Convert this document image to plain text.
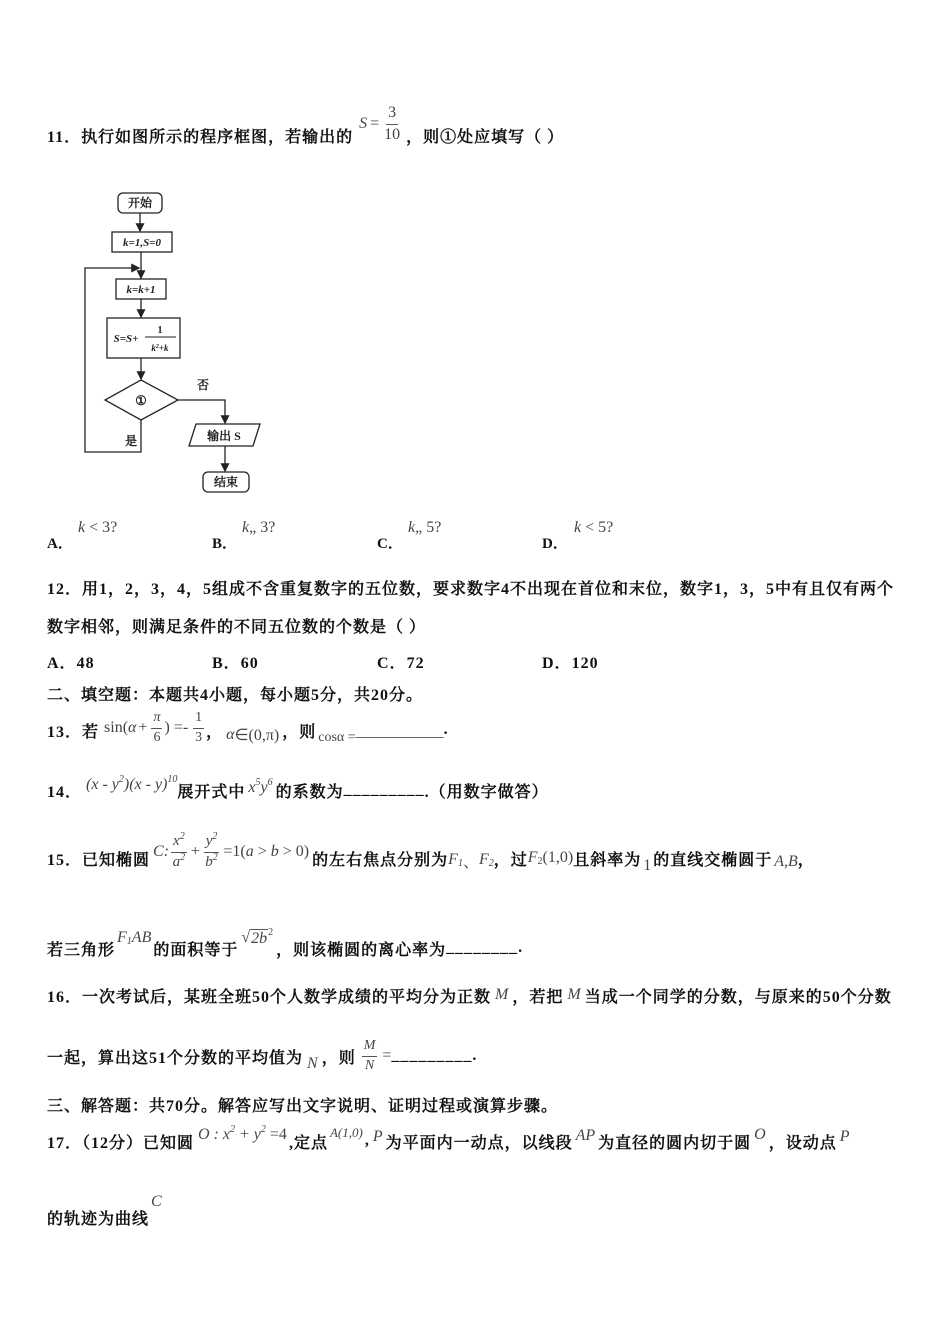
11．执行如图所示的程序框图，若输出的
$S = \frac{3}{10}$ ，则①处应填写（ ）
开始
k=1,S=0
k=k+1
S=S+
1
$k^2+k$
①
否
是	输出 S
结束
A．
k < 3?
B．
k„ 3?
C．
k„ 5?
D．
k < 5?
12．用1，2，3，4，5组成不含重复数字的五位数，要求数字4不出现在首位和末位，数字1，3，5中有且仅有两个
数字相邻，则满足条件的不同五位数的个数是（ ）
A．48	B．60	C．72	D．120
二、填空题：本题共4小题，每小题5分，共20分。
13．若 sin( $\alpha + \frac{\pi}{6}$ ) =- $\frac{1}{3}$ ， α ∈(0,π) ，则 cosα = ___________ .
14． (x - y 2 )(x - y) 10
展开式中 x 5 y 6
的系数为 _________ .（用数字做答）
15．已知椭圆 C: $\frac{x^2}{a^2} + \frac{y^2}{b^2} =1$( a > b > 0) 的左右焦点分别为 F 1 、 F 2 ，过 F 2 (1,0) 且斜率为 1 的直线交椭圆于 A,B ，
若三角形
F 1 AB
的面积等于
√ 2b 2
，则该椭圆的离心率为 ________ .
16．一次考试后，某班全班50个人数学成绩的平均分为正数 M ，若把 M 当成一个同学的分数，与原来的50个分数
一起，算出这51个分数的平均值为 N ，则 $\frac{M}{N}$ = _________ .
三、解答题：共70分。解答应写出文字说明、证明过程或演算步骤。
17．（12分）已知圆 O : x 2 + y 2 =4 ,定点
A(1,0) , P 为平面内一动点，以线段 AP 为直径的圆内切于圆 O ，设动点 P
的轨迹为曲线
C
